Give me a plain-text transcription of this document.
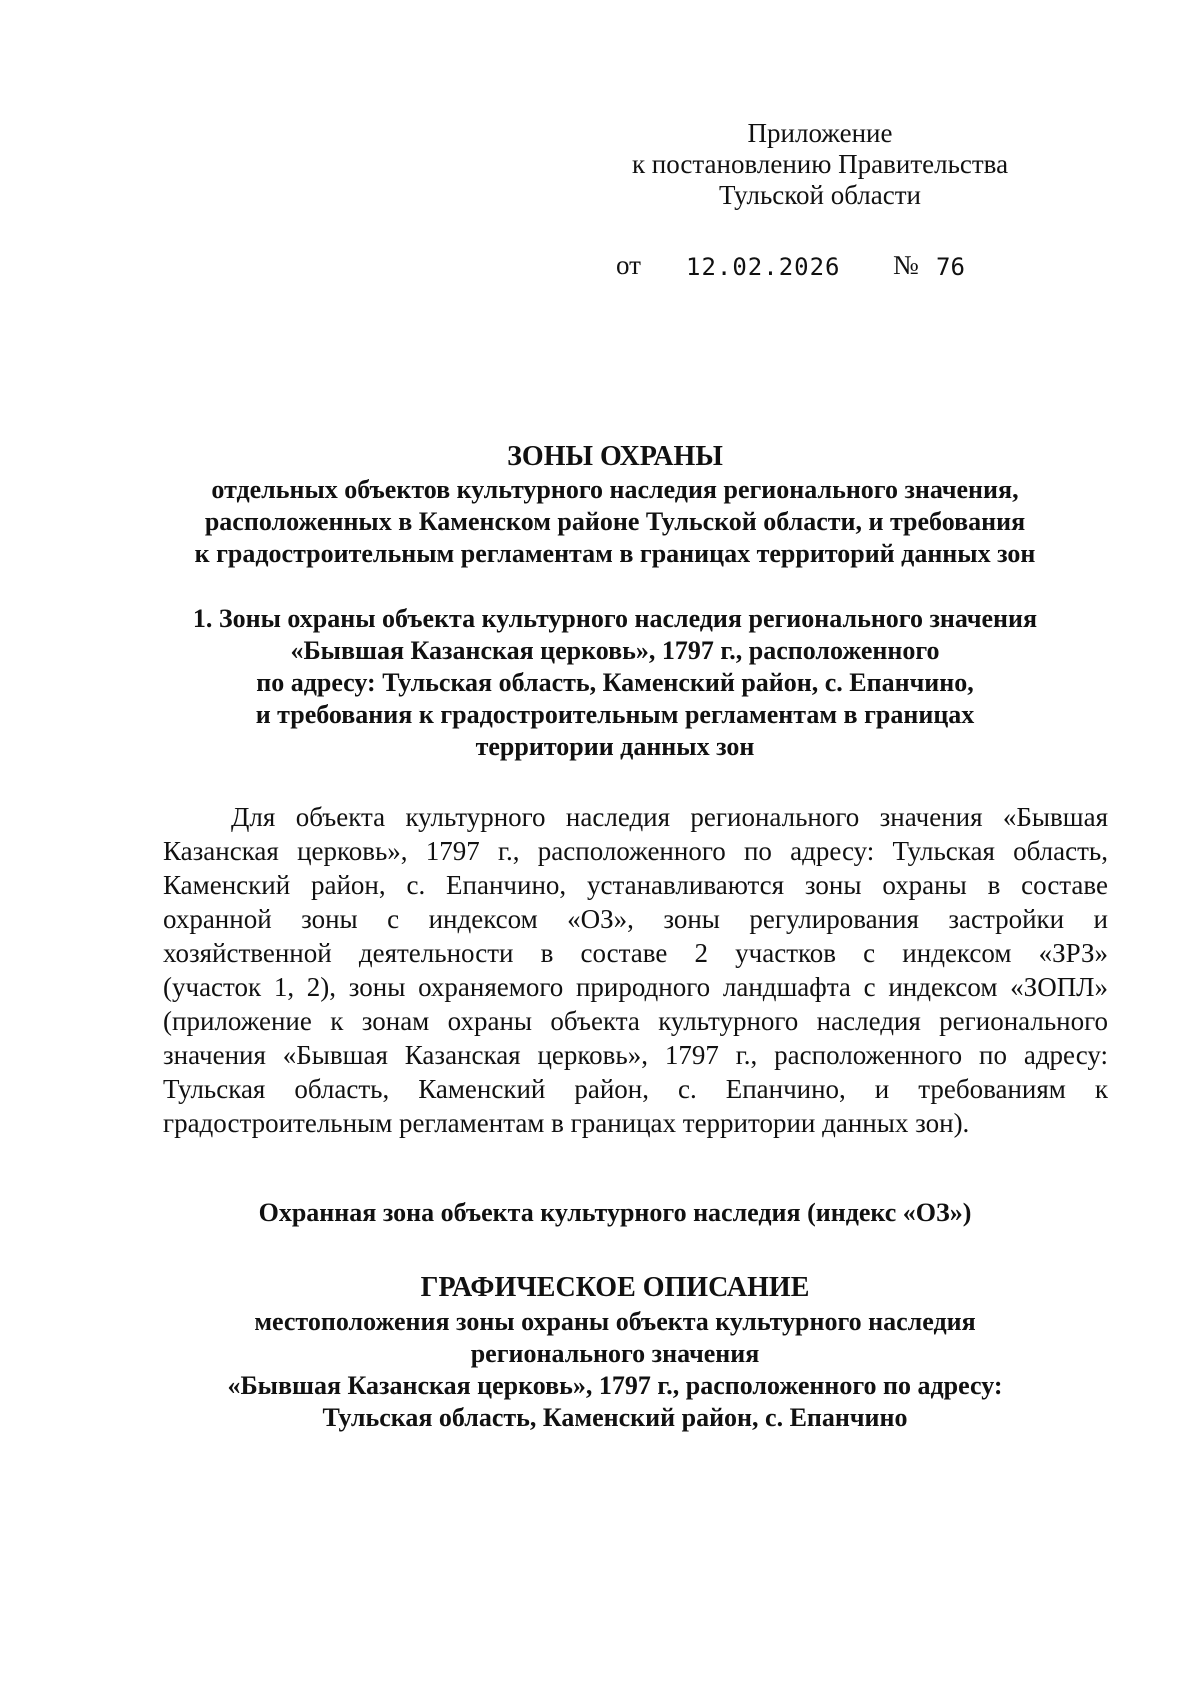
Приложение
к постановлению Правительства
Тульской области
от 12.02.2026 № 76
ЗОНЫ ОХРАНЫ
отдельных объектов культурного наследия регионального значения,
расположенных в Каменском районе Тульской области, и требования
к градостроительным регламентам в границах территорий данных зон
1. Зоны охраны объекта культурного наследия регионального значения
«Бывшая Казанская церковь», 1797 г., расположенного
по адресу: Тульская область, Каменский район, с. Епанчино,
и требования к градостроительным регламентам в границах
территории данных зон
Для объекта культурного наследия регионального значения «Бывшая
Казанская церковь», 1797 г., расположенного по адресу: Тульская область,
Каменский район, с. Епанчино, устанавливаются зоны охраны в составе
охранной зоны с индексом «ОЗ», зоны регулирования застройки и
хозяйственной деятельности в составе 2 участков с индексом «ЗРЗ»
(участок 1, 2), зоны охраняемого природного ландшафта с индексом «ЗОПЛ»
(приложение к зонам охраны объекта культурного наследия регионального
значения «Бывшая Казанская церковь», 1797 г., расположенного по адресу:
Тульская область, Каменский район, с. Епанчино, и требованиям к
градостроительным регламентам в границах территории данных зон).
Охранная зона объекта культурного наследия (индекс «ОЗ»)
ГРАФИЧЕСКОЕ ОПИСАНИЕ
местоположения зоны охраны объекта культурного наследия
регионального значения
«Бывшая Казанская церковь», 1797 г., расположенного по адресу:
Тульская область, Каменский район, с. Епанчино
